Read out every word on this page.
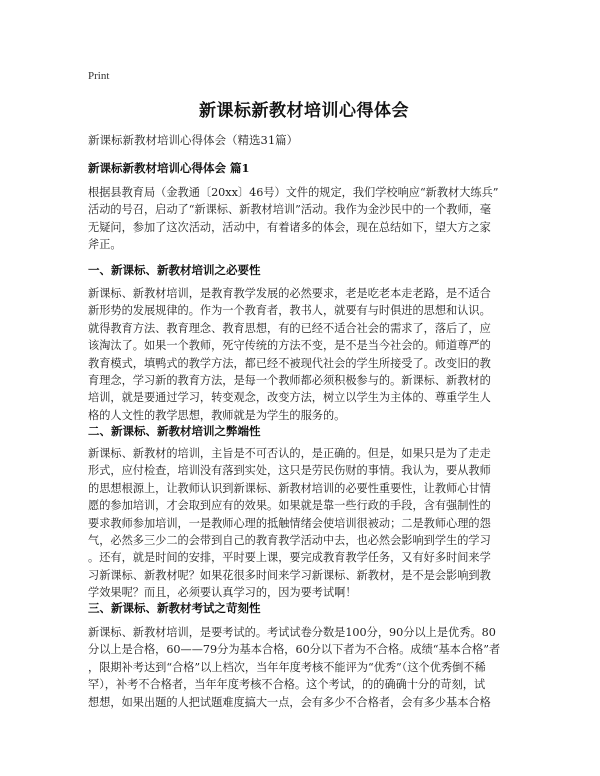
Print
新课标新教材培训心得体会
新课标新教材培训心得体会（精选31篇）
新课标新教材培训心得体会 篇1
根据县教育局（金教通〔20xx〕46号）文件的规定，我们学校响应“新教材大练兵”
活动的号召，启动了“新课标、新教材培训”活动。我作为金沙民中的一个教师，毫
无疑问，参加了这次活动，活动中，有着诸多的体会，现在总结如下，望大方之家
斧正。
一、新课标、新教材培训之必要性
新课标、新教材培训，是教育教学发展的必然要求，老是吃老本走老路，是不适合
新形势的发展规律的。作为一个教育者，教书人，就要有与时俱进的思想和认识。
就得教育方法、教育理念、教育思想，有的已经不适合社会的需求了，落后了，应
该淘汰了。如果一个教师，死守传统的方法不变，是不是当今社会的。师道尊严的
教育模式，填鸭式的教学方法，都已经不被现代社会的学生所接受了。改变旧的教
育理念，学习新的教育方法，是每一个教师都必须积极参与的。新课标、新教材的
培训，就是要通过学习，转变观念，改变方法，树立以学生为主体的、尊重学生人
格的人文性的教学思想，教师就是为学生的服务的。
二、新课标、新教材培训之弊端性
新课标、新教材的培训，主旨是不可否认的，是正确的。但是，如果只是为了走走
形式，应付检查，培训没有落到实处，这只是劳民伤财的事情。我认为，要从教师
的思想根源上，让教师认识到新课标、新教材培训的必要性重要性，让教师心甘情
愿的参加培训，才会取到应有的效果。如果就是靠一些行政的手段，含有强制性的
要求教师参加培训，一是教师心理的抵触情绪会使培训很被动；二是教师心理的怨
气，必然多三少二的会带到自己的教育教学活动中去，也必然会影响到学生的学习
。还有，就是时间的安排，平时要上课，要完成教育教学任务，又有好多时间来学
习新课标、新教材呢？如果花很多时间来学习新课标、新教材，是不是会影响到教
学效果呢？而且，必须要认真学习的，因为要考试啊！
三、新课标、新教材考试之苛刻性
新课标、新教材培训，是要考试的。考试试卷分数是100分，90分以上是优秀。80
分以上是合格，60——79分为基本合格，60分以下者为不合格。成绩“基本合格”者
，限期补考达到“合格”以上档次，当年年度考核不能评为“优秀”（这个优秀倒不稀
罕），补考不合格者，当年年度考核不合格。这个考试，的的确确十分的苛刻，试
想想，如果出题的人把试题难度搞大一点，会有多少不合格者，会有多少基本合格
